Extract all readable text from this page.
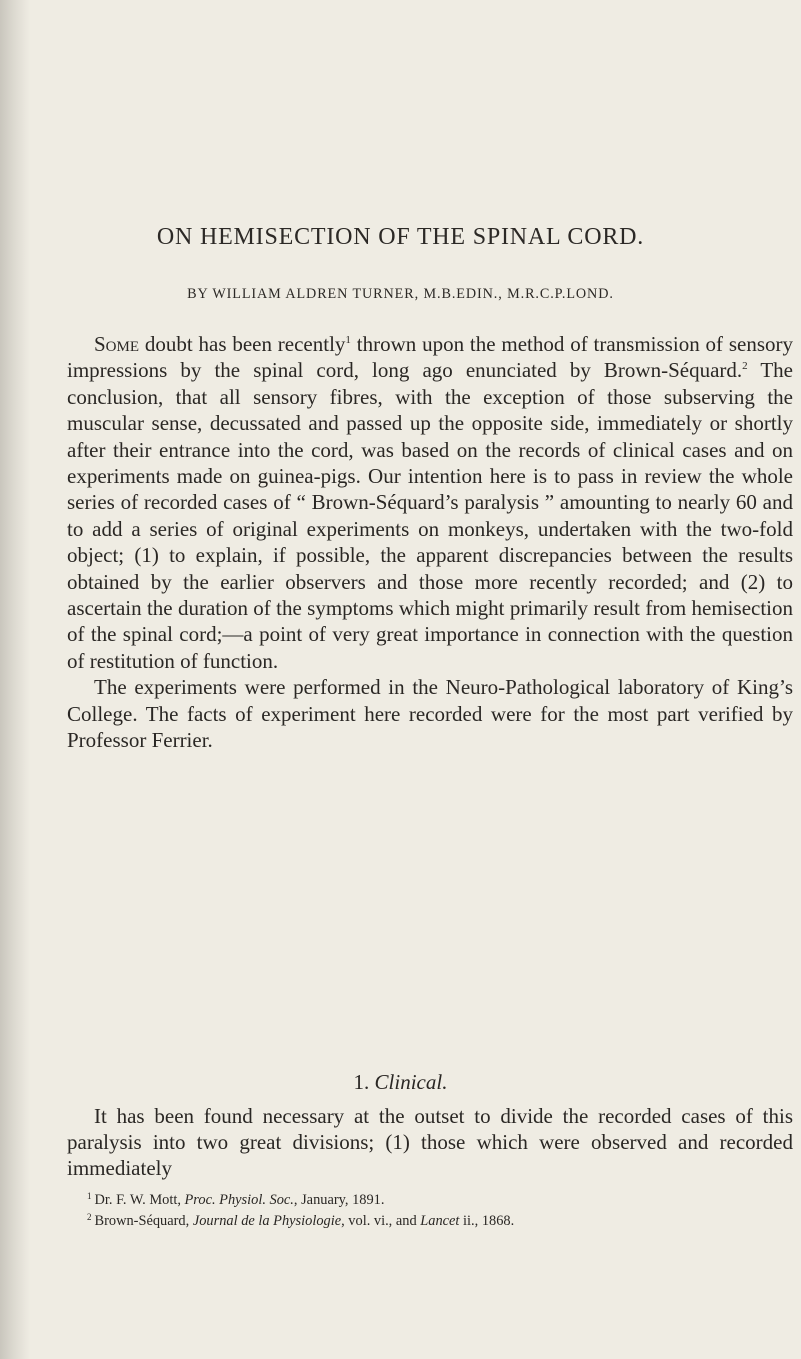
ON HEMISECTION OF THE SPINAL CORD.
BY WILLIAM ALDREN TURNER, M.B.EDIN., M.R.C.P.LOND.

Some doubt has been recently$^1$ thrown upon the method of transmission of sensory impressions by the spinal cord, long ago enunciated by Brown-Séquard.$^2$ The conclusion, that all sensory fibres, with the exception of those subserving the muscular sense, decussated and passed up the opposite side, immediately or shortly after their entrance into the cord, was based on the records of clinical cases and on experiments made on guinea-pigs. Our intention here is to pass in review the whole series of recorded cases of “ Brown-Séquard’s paralysis ” amounting to nearly 60 and to add a series of original experiments on monkeys, undertaken with the two-fold object; (1) to explain, if possible, the apparent discrepancies between the results obtained by the earlier observers and those more recently recorded; and (2) to ascertain the duration of the symptoms which might primarily result from hemisection of the spinal cord;—a point of very great importance in connection with the question of restitution of function.

The experiments were performed in the Neuro-Pathological laboratory of King’s College. The facts of experiment here recorded were for the most part verified by Professor Ferrier.

1. Clinical.

It has been found necessary at the outset to divide the recorded cases of this paralysis into two great divisions; (1) those which were observed and recorded immediately

$^1$ Dr. F. W. Mott, Proc. Physiol. Soc., January, 1891.
$^2$ Brown-Séquard, Journal de la Physiologie, vol. vi., and Lancet ii., 1868.
